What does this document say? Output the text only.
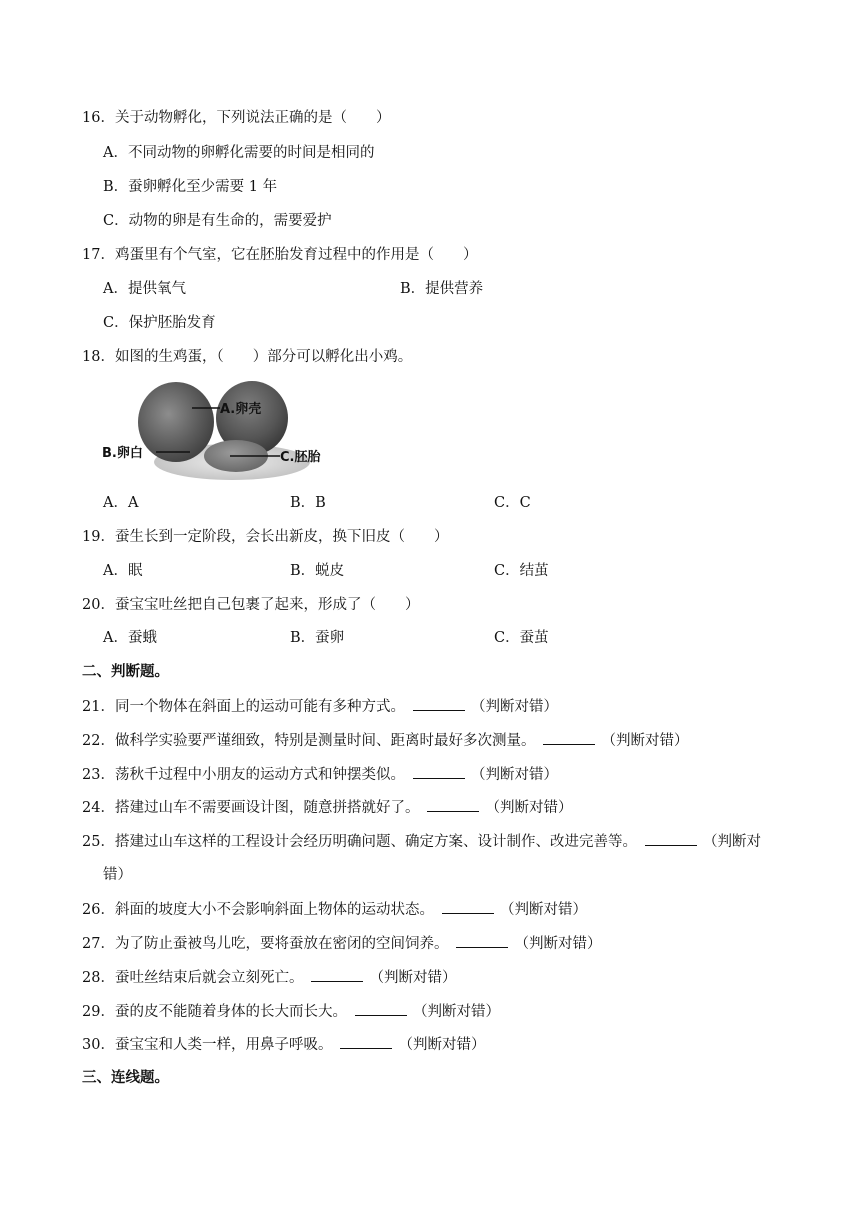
16．关于动物孵化，下列说法正确的是（　　）
A．不同动物的卵孵化需要的时间是相同的
B．蚕卵孵化至少需要 1 年
C．动物的卵是有生命的，需要爱护
17．鸡蛋里有个气室，它在胚胎发育过程中的作用是（　　）
A．提供氧气	B．提供营养
C．保护胚胎发育
18．如图的生鸡蛋，（　　）部分可以孵化出小鸡。
A.卵壳
B.卵白	C.胚胎
A．A	B．B	C．C
19．蚕生长到一定阶段，会长出新皮，换下旧皮（　　）
A．眠	B．蜕皮	C．结茧
20．蚕宝宝吐丝把自己包裹了起来，形成了（　　）
A．蚕蛾	B．蚕卵	C．蚕茧
二、判断题。
21．同一个物体在斜面上的运动可能有多种方式。	（判断对错）
22．做科学实验要严谨细致，特别是测量时间、距离时最好多次测量。	（判断对错）
23．荡秋千过程中小朋友的运动方式和钟摆类似。	（判断对错）
24．搭建过山车不需要画设计图，随意拼搭就好了。	（判断对错）
25．搭建过山车这样的工程设计会经历明确问题、确定方案、设计制作、改进完善等。	（判断对
错）
26．斜面的坡度大小不会影响斜面上物体的运动状态。	（判断对错）
27．为了防止蚕被鸟儿吃，要将蚕放在密闭的空间饲养。	（判断对错）
28．蚕吐丝结束后就会立刻死亡。	（判断对错）
29．蚕的皮不能随着身体的长大而长大。	（判断对错）
30．蚕宝宝和人类一样，用鼻子呼吸。	（判断对错）
三、连线题。
